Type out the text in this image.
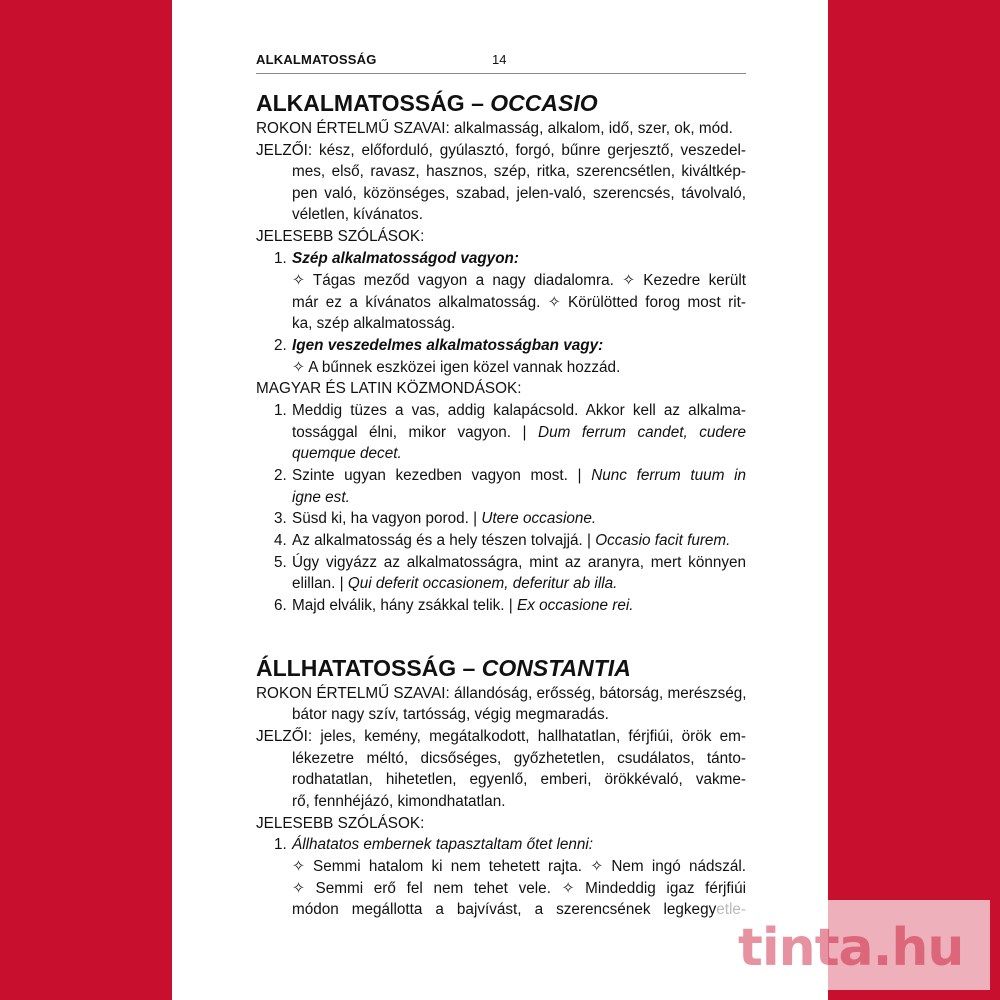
ALKALMATOSSÁG	14
ALKALMATOSSÁG – OCCASIO
ROKON ÉRTELMŰ SZAVAI: alkalmasság, alkalom, idő, szer, ok, mód.
JELZŐI: kész, előforduló, gyúlasztó, forgó, bűnre gerjesztő, veszedel-
mes, első, ravasz, hasznos, szép, ritka, szerencsétlen, kiváltkép-
pen való, közönséges, szabad, jelen-való, szerencsés, távolvaló,
véletlen, kívánatos.
JELESEBB SZÓLÁSOK:
1. Szép alkalmatosságod vagyon:
✧ Tágas meződ vagyon a nagy diadalomra. ✧ Kezedre került
már ez a kívánatos alkalmatosság. ✧ Körülötted forog most rit-
ka, szép alkalmatosság.
2. Igen veszedelmes alkalmatosságban vagy:
✧ A bűnnek eszközei igen közel vannak hozzád.
MAGYAR ÉS LATIN KÖZMONDÁSOK:
1. Meddig tüzes a vas, addig kalapácsold. Akkor kell az alkalma-
tossággal élni, mikor vagyon. | Dum ferrum candet, cudere
quemque decet.
2. Szinte ugyan kezedben vagyon most. | Nunc ferrum tuum in
igne est.
3. Süsd ki, ha vagyon porod. | Utere occasione.
4. Az alkalmatosság és a hely tészen tolvajjá. | Occasio facit furem.
5. Úgy vigyázz az alkalmatosságra, mint az aranyra, mert könnyen
elillan. | Qui deferit occasionem, deferitur ab illa.
6. Majd elválik, hány zsákkal telik. | Ex occasione rei.
ÁLLHATATOSSÁG – CONSTANTIA
ROKON ÉRTELMŰ SZAVAI: állandóság, erősség, bátorság, merészség,
bátor nagy szív, tartósság, végig megmaradás.
JELZŐI: jeles, kemény, megátalkodott, hallhatatlan, férjfiúi, örök em-
lékezetre méltó, dicsőséges, győzhetetlen, csudálatos, tánto-
rodhatatlan, hihetetlen, egyenlő, emberi, örökkévaló, vakme-
rő, fennhéjázó, kimondhatatlan.
JELESEBB SZÓLÁSOK:
1. Állhatatos embernek tapasztaltam őtet lenni:
✧ Semmi hatalom ki nem tehetett rajta. ✧ Nem ingó nádszál.
✧ Semmi erő fel nem tehet vele. ✧ Mindeddig igaz férjfiúi
módon megállotta a bajvívást, a szerencsének legkegyetle-
tinta.hu
